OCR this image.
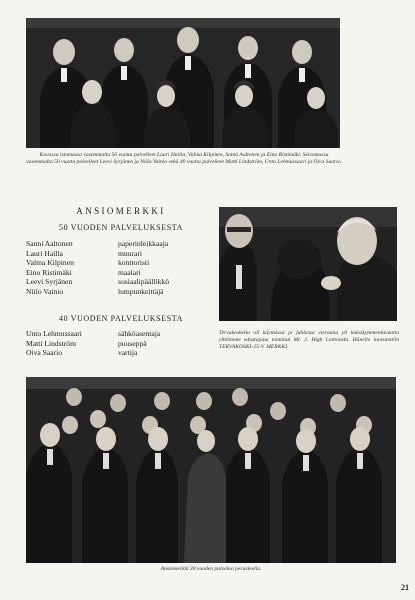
Kuvassa istumassa vasemmalta 50 vuotta palvelleet Lauri Hailla, Valma Kilpinen, Sanni Aaltonen ja Eino Ristimäki. Seisomassa vasemmalta 50 vuotta palvelleet Leevi Syrjänen ja Niilo Vainio sekä 40 vuotta palvelleet Matti Lindström, Unto Lehmussaari ja Oiva Saario.
ANSIOMERKKI
50 VUODEN PALVELUKSESTA
Sanni Aaltonen	paperinleikkaaja
Lauri Hailla	muurari
Valma Kilpinen	konttoristi
Eino Ristimäki	maalari
Leevi Syrjänen	sosiaalipäällikkö
Niilo Vainio	lumpunkeittäjä
40 VUODEN PALVELUKSESTA
Unto Lehmussaari	sähköasentaja
Matti Lindström	puuseppä
Oiva Saario	vartija
Tervakoskella oli käymässä ja juhlassa vieraana yli kaksikymmentävuotta yhtiömme edustajana toiminut Mr. J. High Lontoosta. Hänelle luovutettiin TERVAKOSKI-25-V. MERKKI.
Ansiomerkki 30 vuoden palvelun perusteella.
21
